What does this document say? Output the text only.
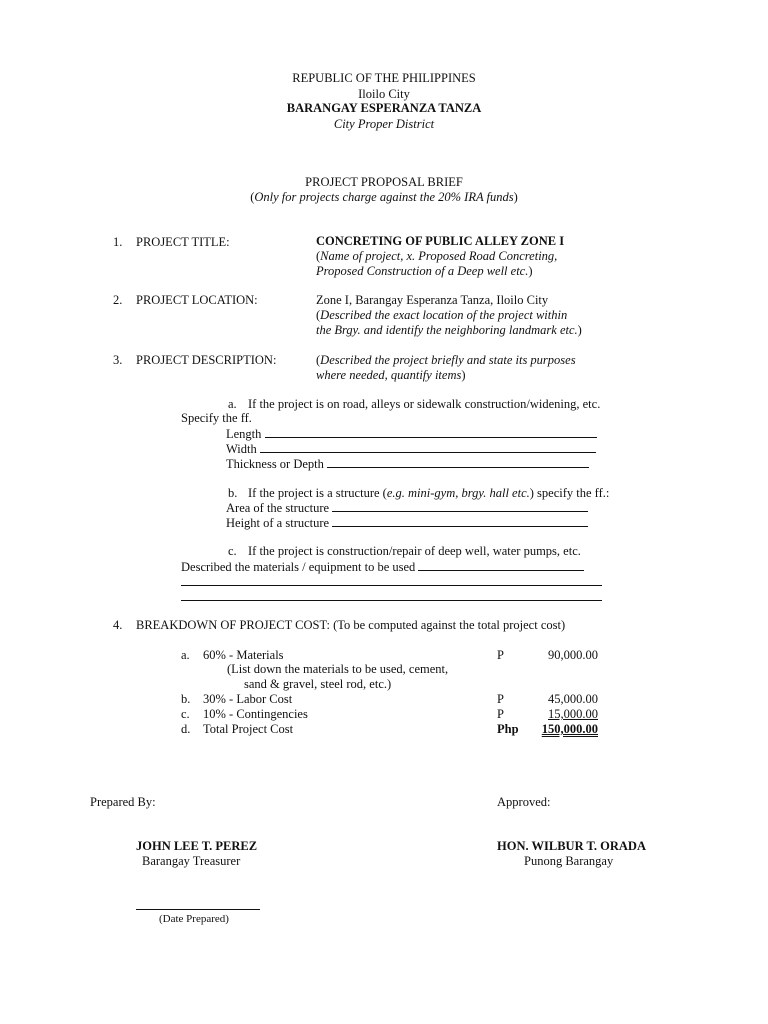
REPUBLIC OF THE PHILIPPINES
Iloilo City
BARANGAY ESPERANZA TANZA
City Proper District
PROJECT PROPOSAL BRIEF
(Only for projects charge against the 20% IRA funds)
1. PROJECT TITLE:	CONCRETING OF PUBLIC ALLEY ZONE I
(Name of project, x. Proposed Road Concreting,
Proposed Construction of a Deep well etc.)
2. PROJECT LOCATION:	Zone I, Barangay Esperanza Tanza, Iloilo City
(Described the exact location of the project within
the Brgy. and identify the neighboring landmark etc.)
3. PROJECT DESCRIPTION:	(Described the project briefly and state its purposes
where needed, quantify items)
a. If the project is on road, alleys or sidewalk construction/widening, etc.
Specify the ff.
Length
Width
Thickness or Depth
b. If the project is a structure (e.g. mini-gym, brgy. hall etc.) specify the ff.:
Area of the structure
Height of a structure
c. If the project is construction/repair of deep well, water pumps, etc.
Described the materials / equipment to be used
4. BREAKDOWN OF PROJECT COST: (To be computed against the total project cost)
a. 60% - Materials	P	90,000.00
(List down the materials to be used, cement,
sand & gravel, steel rod, etc.)
b. 30% - Labor Cost	P	45,000.00
c. 10% - Contingencies	P	15,000.00
d. Total Project Cost	Php	150,000.00
Prepared By:	Approved:
JOHN LEE T. PEREZ
Barangay Treasurer
HON. WILBUR T. ORADA
Punong Barangay
(Date Prepared)
